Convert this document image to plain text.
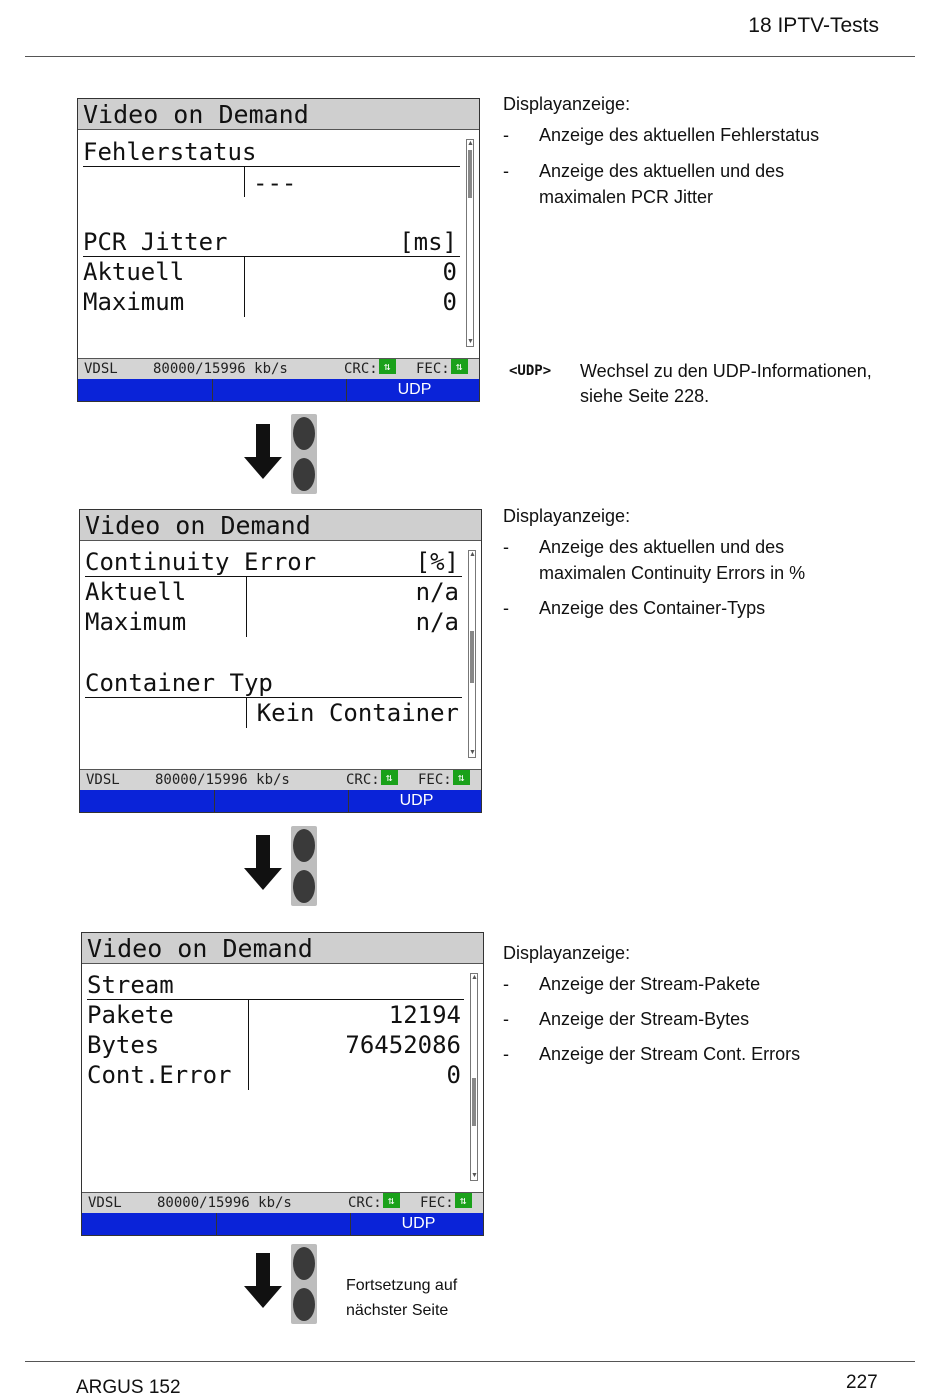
18 IPTV-Tests
Video on Demand
Fehlerstatus
---
PCR Jitter	[ms]
Aktuell	0
Maximum	0
▲
▼
VDSL	80000/15996 kb/s	CRC: ⇅	FEC: ⇅
UDP
Displayanzeige:
- Anzeige des aktuellen Fehlerstatus
- Anzeige des aktuellen und des maximalen PCR Jitter
<UDP> Wechsel zu den UDP-Informationen, siehe Seite 228.
Video on Demand
Continuity Error	[%]
Aktuell	n/a
Maximum	n/a
Container Typ
Kein Container
▲
▼
VDSL	80000/15996 kb/s	CRC: ⇅	FEC: ⇅
UDP
Displayanzeige:
- Anzeige des aktuellen und des maximalen Continuity Errors in %
- Anzeige des Container-Typs
Video on Demand
Stream
Pakete	12194
Bytes	76452086
Cont.Error	0
▲
▼
VDSL	80000/15996 kb/s	CRC: ⇅	FEC: ⇅
UDP
Displayanzeige:
- Anzeige der Stream-Pakete
- Anzeige der Stream-Bytes
- Anzeige der Stream Cont. Errors
Fortsetzung auf
nächster Seite
ARGUS 152	227
